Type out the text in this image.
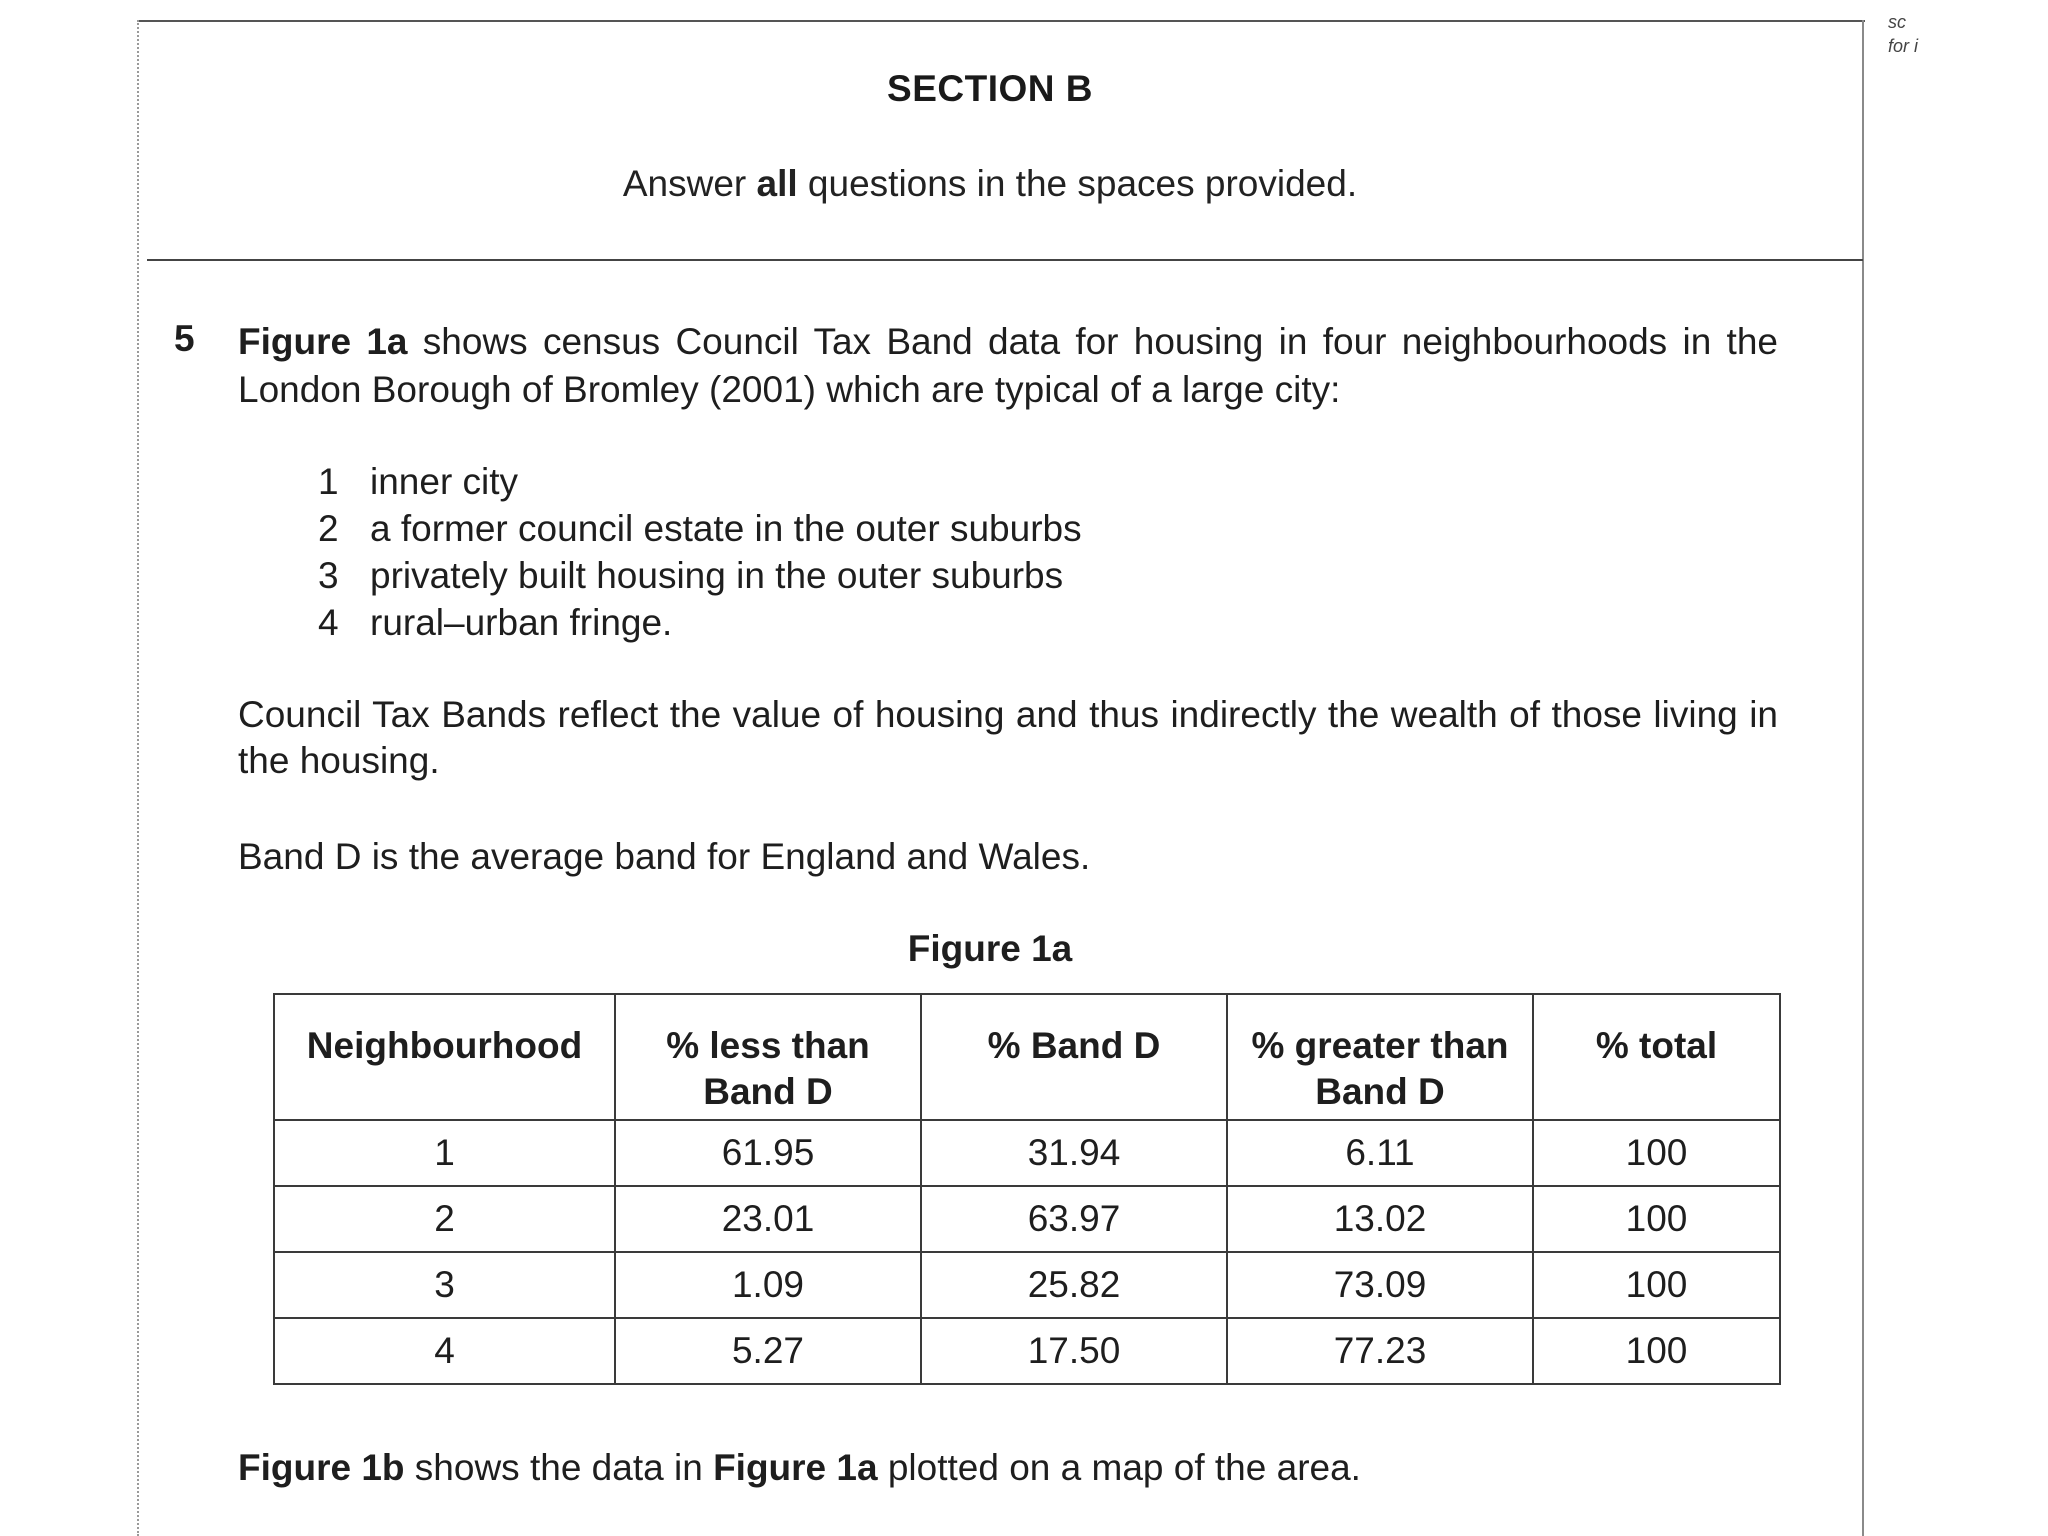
sc
for i
SECTION B
Answer all questions in the spaces provided.
5 Figure 1a shows census Council Tax Band data for housing in four neighbourhoods in the London Borough of Bromley (2001) which are typical of a large city:
1 inner city
2 a former council estate in the outer suburbs
3 privately built housing in the outer suburbs
4 rural–urban fringe.
Council Tax Bands reflect the value of housing and thus indirectly the wealth of those living in the housing.
Band D is the average band for England and Wales.
Figure 1a
Neighbourhood	% less than Band D	% Band D	% greater than Band D	% total
1	61.95	31.94	6.11	100
2	23.01	63.97	13.02	100
3	1.09	25.82	73.09	100
4	5.27	17.50	77.23	100
Figure 1b shows the data in Figure 1a plotted on a map of the area.
